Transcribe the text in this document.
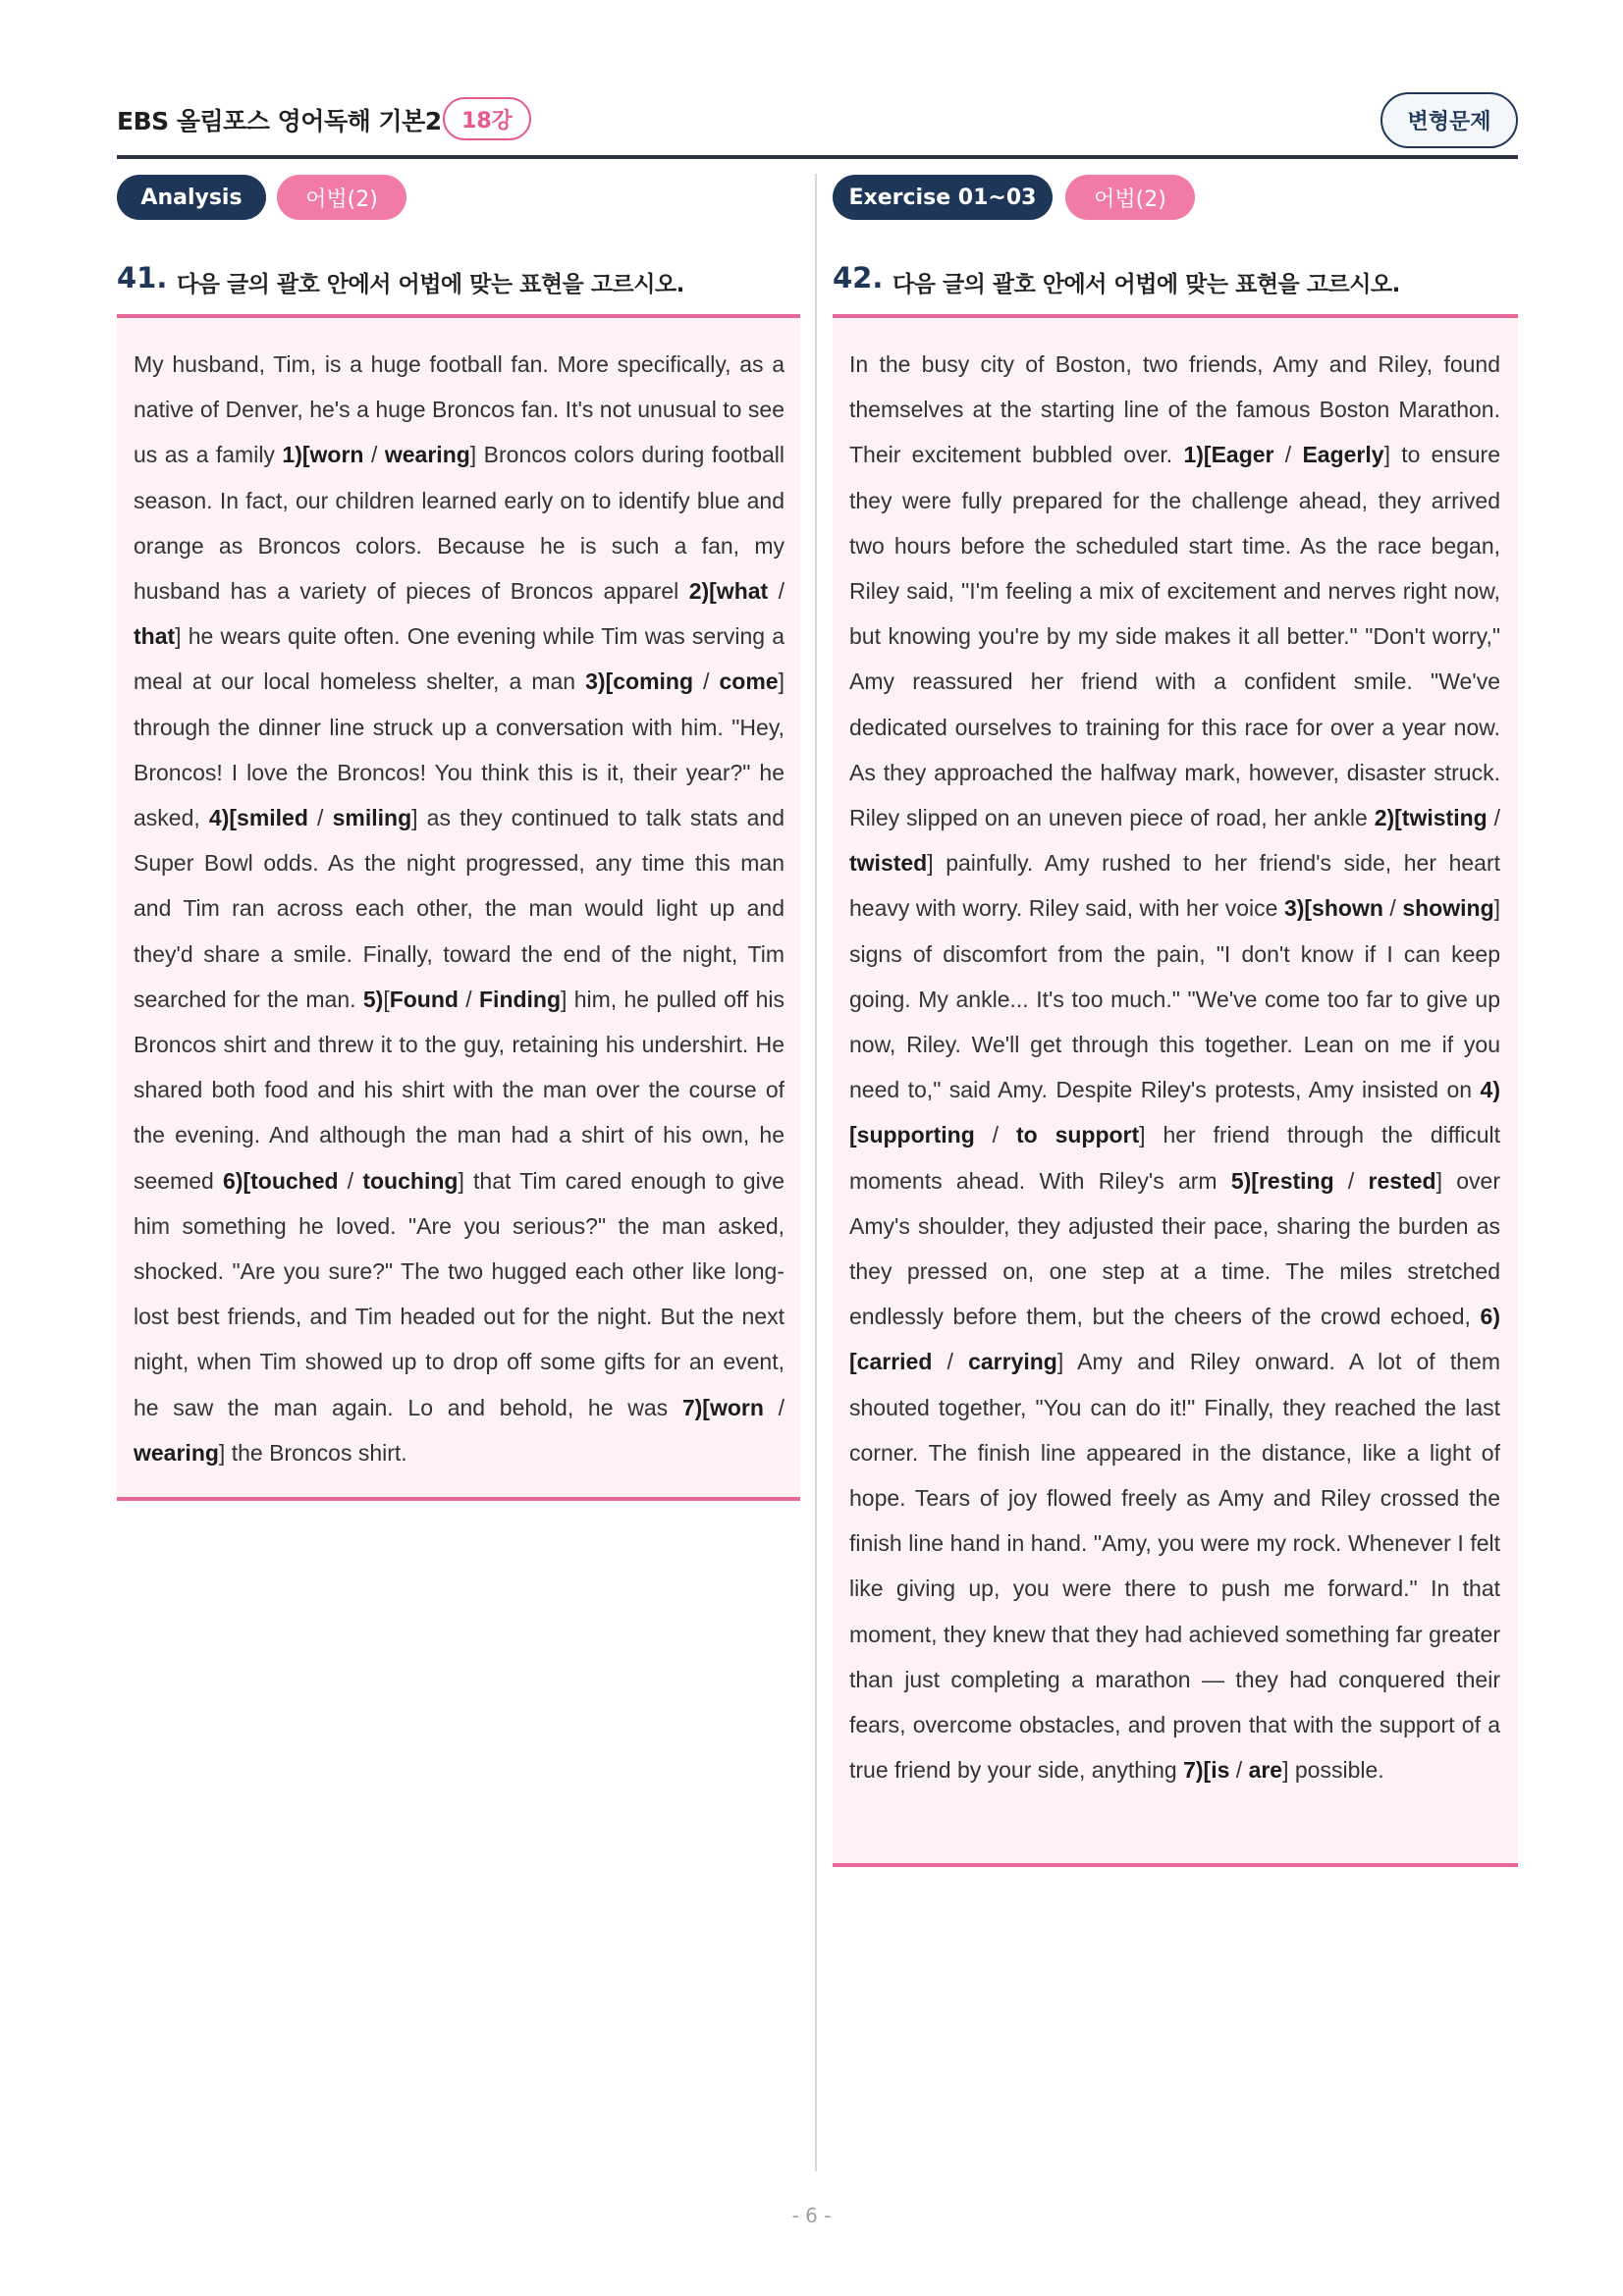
EBS 올림포스 영어독해 기본2 18강	변형문제
Analysis	어법(2)
41. 다음 글의 괄호 안에서 어법에 맞는 표현을 고르시오.

My husband, Tim, is a huge football fan. More specifically, as a native of Denver, he's a huge Broncos fan. It's not unusual to see us as a family 1)[worn / wearing] Broncos colors during football season. In fact, our children learned early on to identify blue and orange as Broncos colors. Because he is such a fan, my husband has a variety of pieces of Broncos apparel 2)[what / that] he wears quite often. One evening while Tim was serving a meal at our local homeless shelter, a man 3)[coming / come] through the dinner line struck up a conversation with him. "Hey, Broncos! I love the Broncos! You think this is it, their year?" he asked, 4)[smiled / smiling] as they continued to talk stats and Super Bowl odds. As the night progressed, any time this man and Tim ran across each other, the man would light up and they'd share a smile. Finally, toward the end of the night, Tim searched for the man. 5)[Found / Finding] him, he pulled off his Broncos shirt and threw it to the guy, retaining his undershirt. He shared both food and his shirt with the man over the course of the evening. And although the man had a shirt of his own, he seemed 6)[touched / touching] that Tim cared enough to give him something he loved. "Are you serious?" the man asked, shocked. "Are you sure?" The two hugged each other like long-lost best friends, and Tim headed out for the night. But the next night, when Tim showed up to drop off some gifts for an event, he saw the man again. Lo and behold, he was 7)[worn / wearing] the Broncos shirt.

Exercise 01~03	어법(2)
42. 다음 글의 괄호 안에서 어법에 맞는 표현을 고르시오.

In the busy city of Boston, two friends, Amy and Riley, found themselves at the starting line of the famous Boston Marathon. Their excitement bubbled over. 1)[Eager / Eagerly] to ensure they were fully prepared for the challenge ahead, they arrived two hours before the scheduled start time. As the race began, Riley said, "I'm feeling a mix of excitement and nerves right now, but knowing you're by my side makes it all better." "Don't worry," Amy reassured her friend with a confident smile. "We've dedicated ourselves to training for this race for over a year now. As they approached the halfway mark, however, disaster struck. Riley slipped on an uneven piece of road, her ankle 2)[twisting / twisted] painfully. Amy rushed to her friend's side, her heart heavy with worry. Riley said, with her voice 3)[shown / showing] signs of discomfort from the pain, "I don't know if I can keep going. My ankle... It's too much." "We've come too far to give up now, Riley. We'll get through this together. Lean on me if you need to," said Amy. Despite Riley's protests, Amy insisted on 4)[supporting / to support] her friend through the difficult moments ahead. With Riley's arm 5)[resting / rested] over Amy's shoulder, they adjusted their pace, sharing the burden as they pressed on, one step at a time. The miles stretched endlessly before them, but the cheers of the crowd echoed, 6)[carried / carrying] Amy and Riley onward. A lot of them shouted together, "You can do it!" Finally, they reached the last corner. The finish line appeared in the distance, like a light of hope. Tears of joy flowed freely as Amy and Riley crossed the finish line hand in hand. "Amy, you were my rock. Whenever I felt like giving up, you were there to push me forward." In that moment, they knew that they had achieved something far greater than just completing a marathon — they had conquered their fears, overcome obstacles, and proven that with the support of a true friend by your side, anything 7)[is / are] possible.

- 6 -
